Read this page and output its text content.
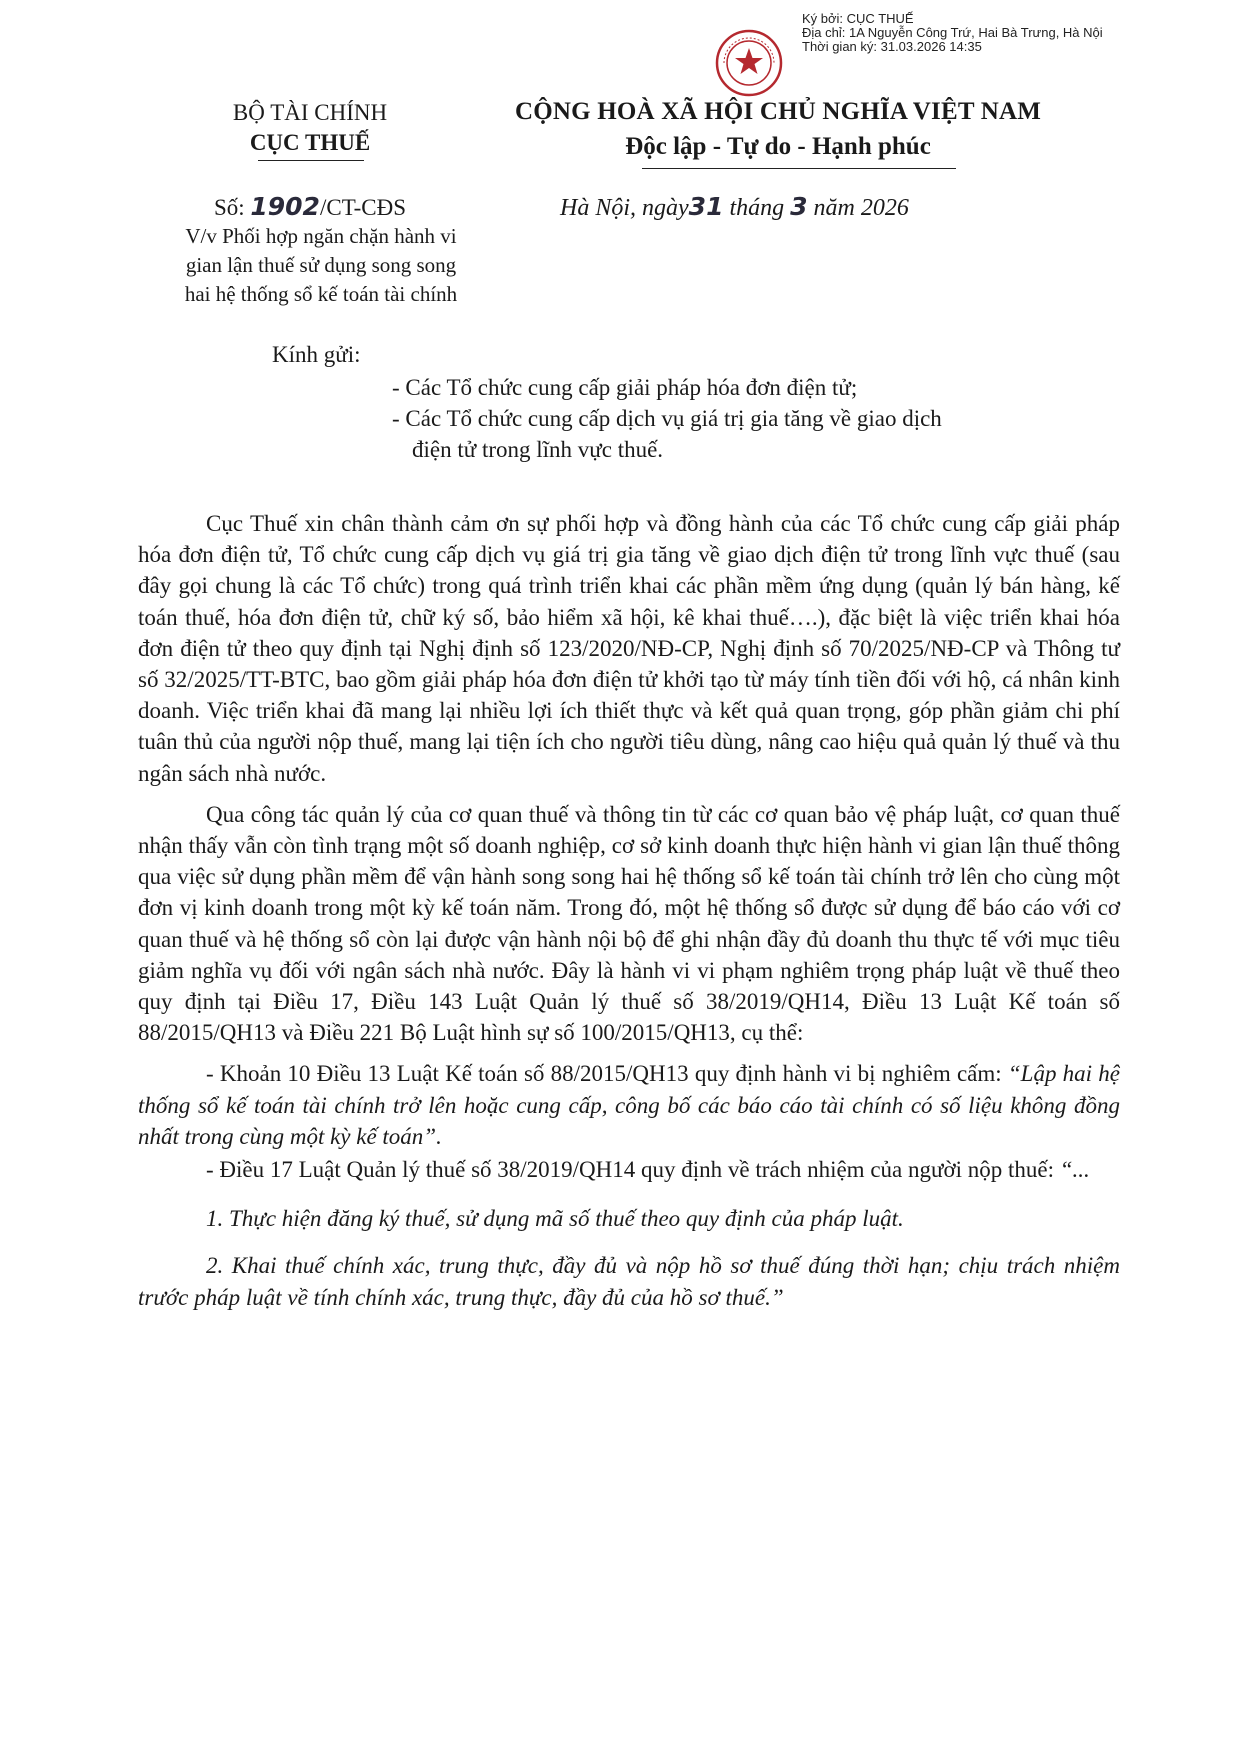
Ký bởi: CỤC THUẾ
Địa chỉ: 1A Nguyễn Công Trứ, Hai Bà Trưng, Hà Nội
Thời gian ký: 31.03.2026 14:35
BỘ TÀI CHÍNH
CỤC THUẾ
CỘNG HOÀ XÃ HỘI CHỦ NGHĨA VIỆT NAM
Độc lập - Tự do - Hạnh phúc
Số: 1902/CT-CĐS
V/v Phối hợp ngăn chặn hành vi
gian lận thuế sử dụng song song
hai hệ thống sổ kế toán tài chính
Hà Nội, ngày31 tháng 3 năm 2026
Kính gửi:
- Các Tổ chức cung cấp giải pháp hóa đơn điện tử;
- Các Tổ chức cung cấp dịch vụ giá trị gia tăng về giao dịch
điện tử trong lĩnh vực thuế.

Cục Thuế xin chân thành cảm ơn sự phối hợp và đồng hành của các Tổ chức cung cấp giải pháp hóa đơn điện tử, Tổ chức cung cấp dịch vụ giá trị gia tăng về giao dịch điện tử trong lĩnh vực thuế (sau đây gọi chung là các Tổ chức) trong quá trình triển khai các phần mềm ứng dụng (quản lý bán hàng, kế toán thuế, hóa đơn điện tử, chữ ký số, bảo hiểm xã hội, kê khai thuế….), đặc biệt là việc triển khai hóa đơn điện tử theo quy định tại Nghị định số 123/2020/NĐ-CP, Nghị định số 70/2025/NĐ-CP và Thông tư số 32/2025/TT-BTC, bao gồm giải pháp hóa đơn điện tử khởi tạo từ máy tính tiền đối với hộ, cá nhân kinh doanh. Việc triển khai đã mang lại nhiều lợi ích thiết thực và kết quả quan trọng, góp phần giảm chi phí tuân thủ của người nộp thuế, mang lại tiện ích cho người tiêu dùng, nâng cao hiệu quả quản lý thuế và thu ngân sách nhà nước.

Qua công tác quản lý của cơ quan thuế và thông tin từ các cơ quan bảo vệ pháp luật, cơ quan thuế nhận thấy vẫn còn tình trạng một số doanh nghiệp, cơ sở kinh doanh thực hiện hành vi gian lận thuế thông qua việc sử dụng phần mềm để vận hành song song hai hệ thống sổ kế toán tài chính trở lên cho cùng một đơn vị kinh doanh trong một kỳ kế toán năm. Trong đó, một hệ thống sổ được sử dụng để báo cáo với cơ quan thuế và hệ thống sổ còn lại được vận hành nội bộ để ghi nhận đầy đủ doanh thu thực tế với mục tiêu giảm nghĩa vụ đối với ngân sách nhà nước. Đây là hành vi vi phạm nghiêm trọng pháp luật về thuế theo quy định tại Điều 17, Điều 143 Luật Quản lý thuế số 38/2019/QH14, Điều 13 Luật Kế toán số 88/2015/QH13 và Điều 221 Bộ Luật hình sự số 100/2015/QH13, cụ thể:

- Khoản 10 Điều 13 Luật Kế toán số 88/2015/QH13 quy định hành vi bị nghiêm cấm: “Lập hai hệ thống sổ kế toán tài chính trở lên hoặc cung cấp, công bố các báo cáo tài chính có số liệu không đồng nhất trong cùng một kỳ kế toán”.

- Điều 17 Luật Quản lý thuế số 38/2019/QH14 quy định về trách nhiệm của người nộp thuế: “...

1. Thực hiện đăng ký thuế, sử dụng mã số thuế theo quy định của pháp luật.

2. Khai thuế chính xác, trung thực, đầy đủ và nộp hồ sơ thuế đúng thời hạn; chịu trách nhiệm trước pháp luật về tính chính xác, trung thực, đầy đủ của hồ sơ thuế.”
